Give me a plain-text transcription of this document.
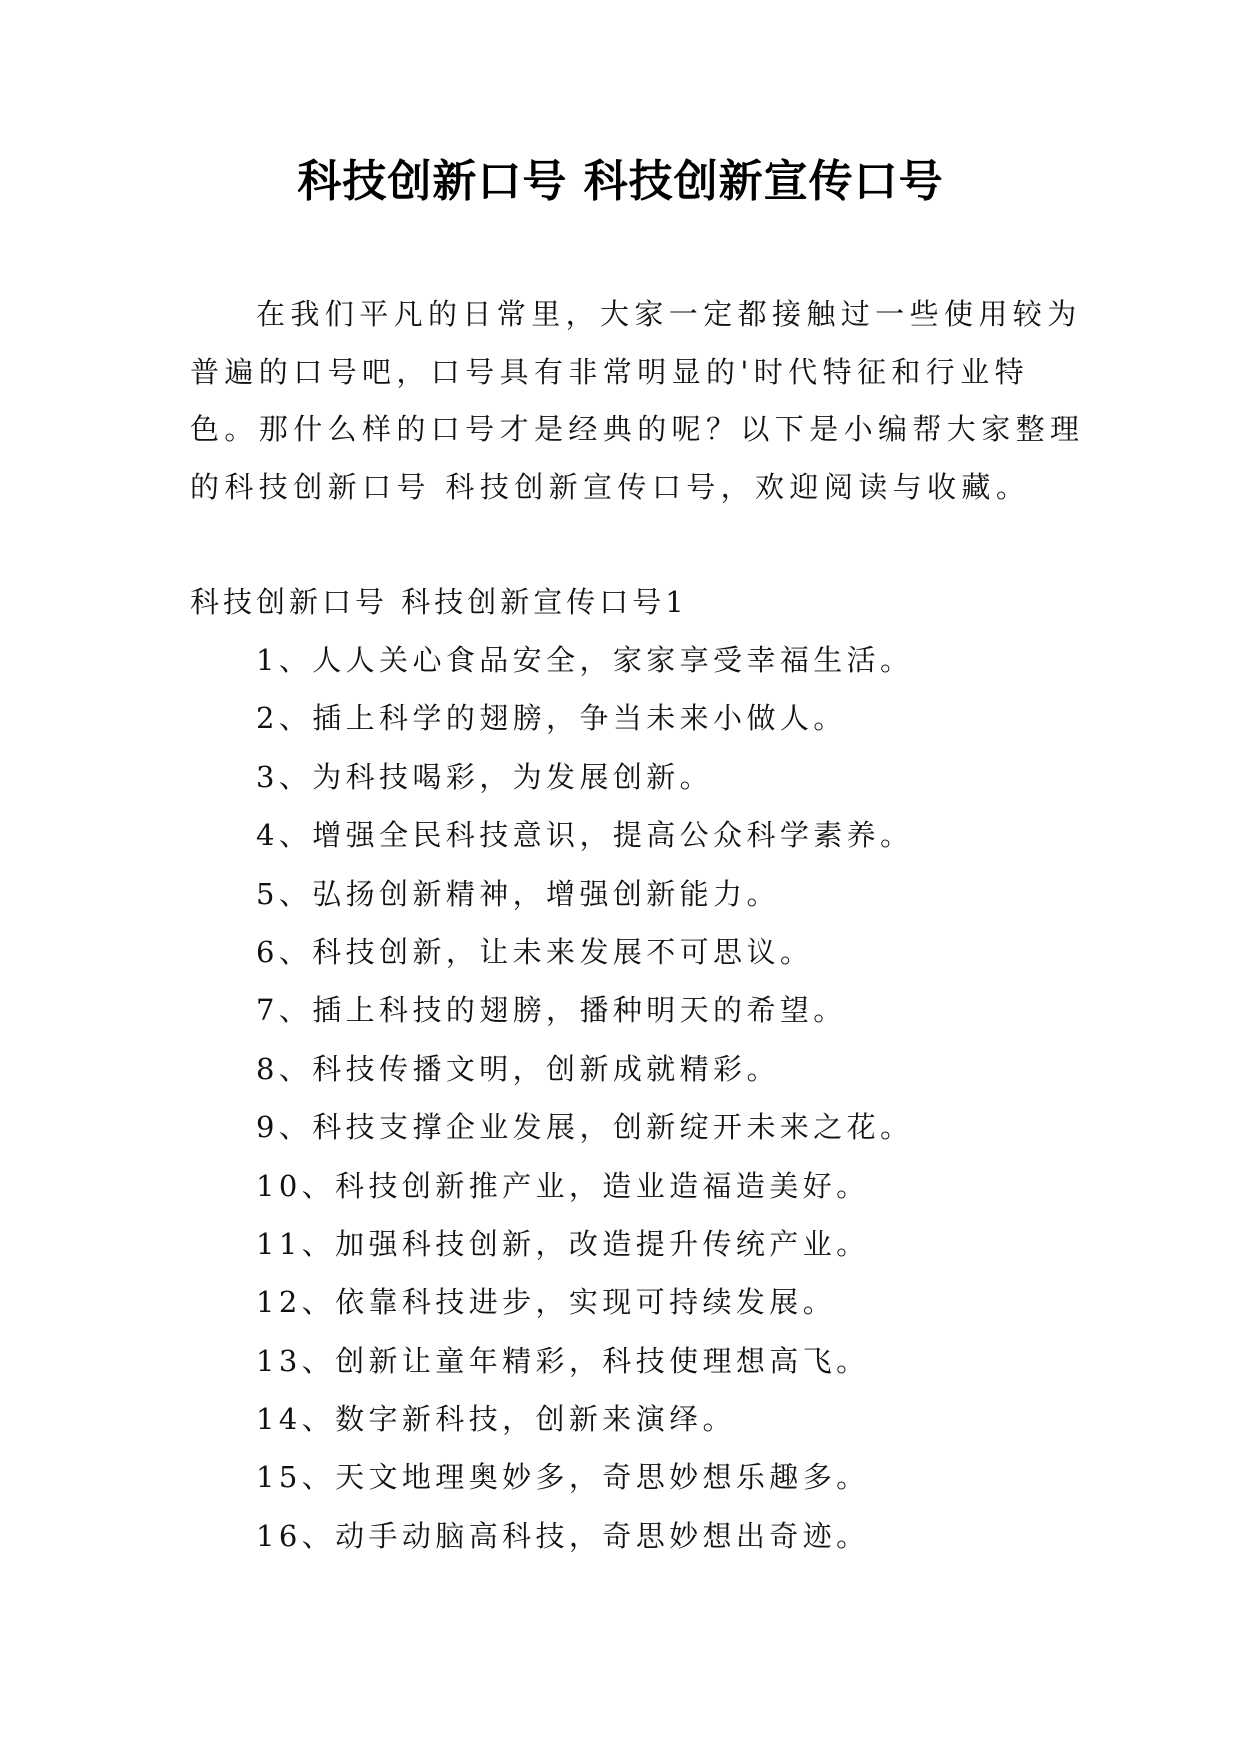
科技创新口号 科技创新宣传口号

在我们平凡的日常里，大家一定都接触过一些使用较为普遍的口号吧，口号具有非常明显的'时代特征和行业特色。那什么样的口号才是经典的呢？以下是小编帮大家整理的科技创新口号 科技创新宣传口号，欢迎阅读与收藏。

科技创新口号 科技创新宣传口号1

1、人人关心食品安全，家家享受幸福生活。
2、插上科学的翅膀，争当未来小做人。
3、为科技喝彩，为发展创新。
4、增强全民科技意识，提高公众科学素养。
5、弘扬创新精神，增强创新能力。
6、科技创新，让未来发展不可思议。
7、插上科技的翅膀，播种明天的希望。
8、科技传播文明，创新成就精彩。
9、科技支撑企业发展，创新绽开未来之花。
10、科技创新推产业，造业造福造美好。
11、加强科技创新，改造提升传统产业。
12、依靠科技进步，实现可持续发展。
13、创新让童年精彩，科技使理想高飞。
14、数字新科技，创新来演绎。
15、天文地理奥妙多，奇思妙想乐趣多。
16、动手动脑高科技，奇思妙想出奇迹。
